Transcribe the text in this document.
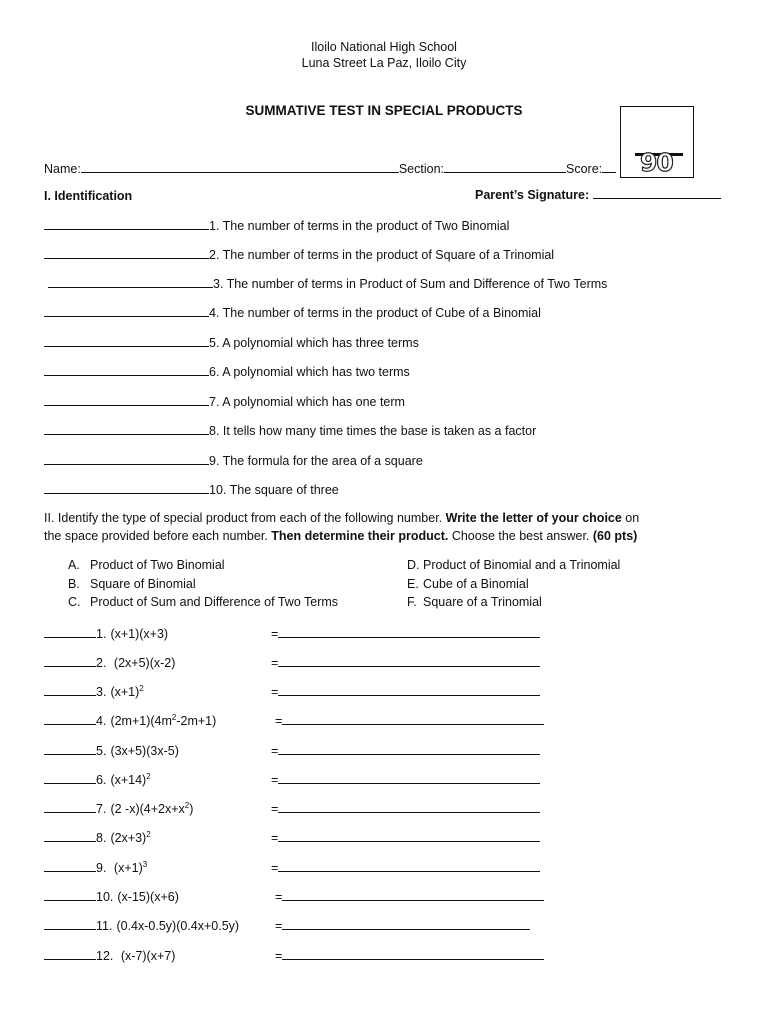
Iloilo National High School
Luna Street La Paz, Iloilo City
SUMMATIVE TEST IN SPECIAL PRODUCTS
90
Name:	Section:	Score:
I. Identification	Parent’s Signature:
1. The number of terms in the product of Two Binomial
2. The number of terms in the product of Square of a Trinomial
3. The number of terms in Product of Sum and Difference of Two Terms
4. The number of terms in the product of Cube of a Binomial
5. A polynomial which has three terms
6. A polynomial which has two terms
7. A polynomial which has one term
8. It tells how many time times the base is taken as a factor
9. The formula for the area of a square
10. The square of three
II. Identify the type of special product from each of the following number. Write the letter of your choice on
the space provided before each number. Then determine their product. Choose the best answer. (60 pts)
A. Product of Two Binomial
B. Square of Binomial
C. Product of Sum and Difference of Two Terms
D. Product of Binomial and a Trinomial
E. Cube of a Binomial
F. Square of a Trinomial
1. (x+1)(x+3)	=
2. (2x+5)(x-2)	=
3. $(x+1)^2$	=
4. $(2m+1)(4m^2-2m+1)$	=
5. (3x+5)(3x-5)	=
6. $(x+14)^2$	=
7. (2 $-x)(4+2x+x^2)$	=
8. $(2x+3)^2$	=
9. $(x+1)^3$	=
10. (x-15)(x+6)	=
11. (0.4x-0.5y)(0.4x+0.5y)	=
12. (x-7)(x+7)	=
